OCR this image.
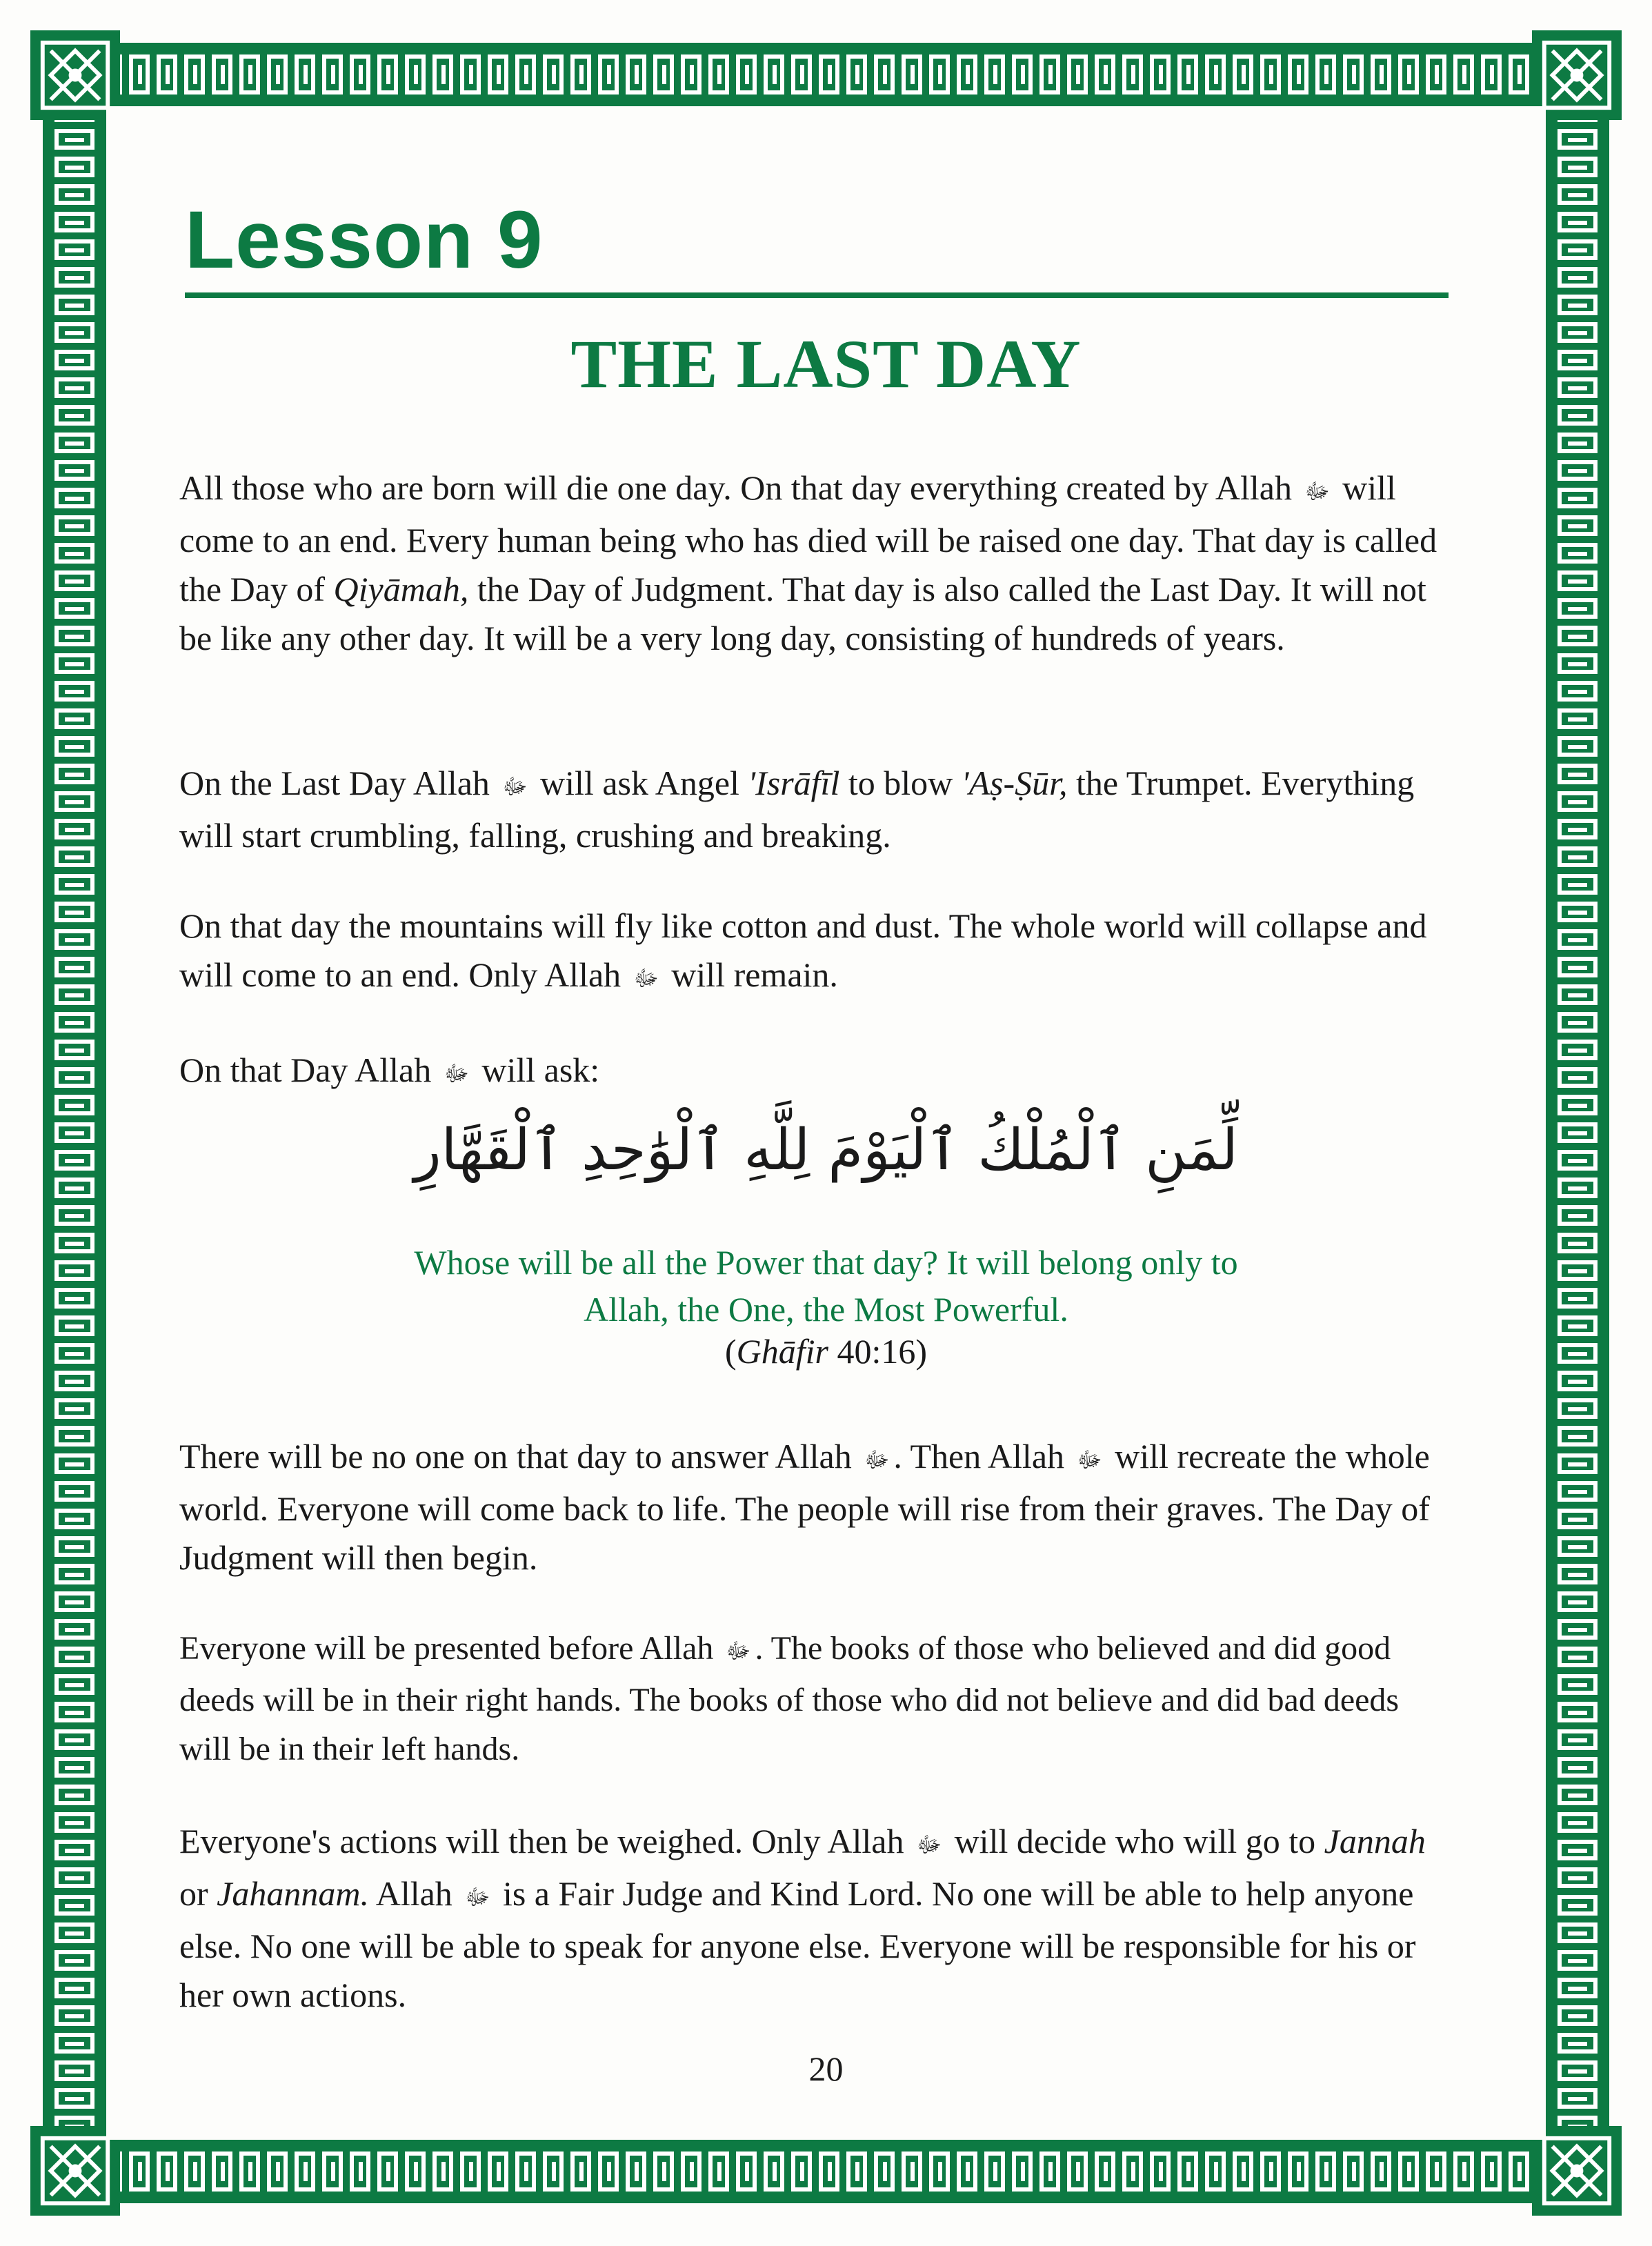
Lesson 9
THE LAST DAY

All those who are born will die one day. On that day everything created by Allah ﷻ will come to an end. Every human being who has died will be raised one day. That day is called the Day of Qiyāmah, the Day of Judgment. That day is also called the Last Day. It will not be like any other day. It will be a very long day, consisting of hundreds of years.

On the Last Day Allah ﷻ will ask Angel 'Isrāfīl to blow 'Aṣ-Ṣūr, the Trumpet. Everything will start crumbling, falling, crushing and breaking.

On that day the mountains will fly like cotton and dust. The whole world will collapse and will come to an end. Only Allah ﷻ will remain.

On that Day Allah ﷻ will ask:

لِّمَنِ ٱلْمُلْكُ ٱلْيَوْمَ لِلَّهِ ٱلْوَٰحِدِ ٱلْقَهَّارِ

Whose will be all the Power that day? It will belong only to
Allah, the One, the Most Powerful.

(Ghāfir 40:16)

There will be no one on that day to answer Allah ﷻ . Then Allah ﷻ will recreate the whole world. Everyone will come back to life. The people will rise from their graves. The Day of Judgment will then begin.

Everyone will be presented before Allah ﷻ . The books of those who believed and did good deeds will be in their right hands. The books of those who did not believe and did bad deeds will be in their left hands.

Everyone's actions will then be weighed. Only Allah ﷻ will decide who will go to Jannah or Jahannam. Allah ﷻ is a Fair Judge and Kind Lord. No one will be able to help anyone else. No one will be able to speak for anyone else. Everyone will be responsible for his or her own actions.

20
